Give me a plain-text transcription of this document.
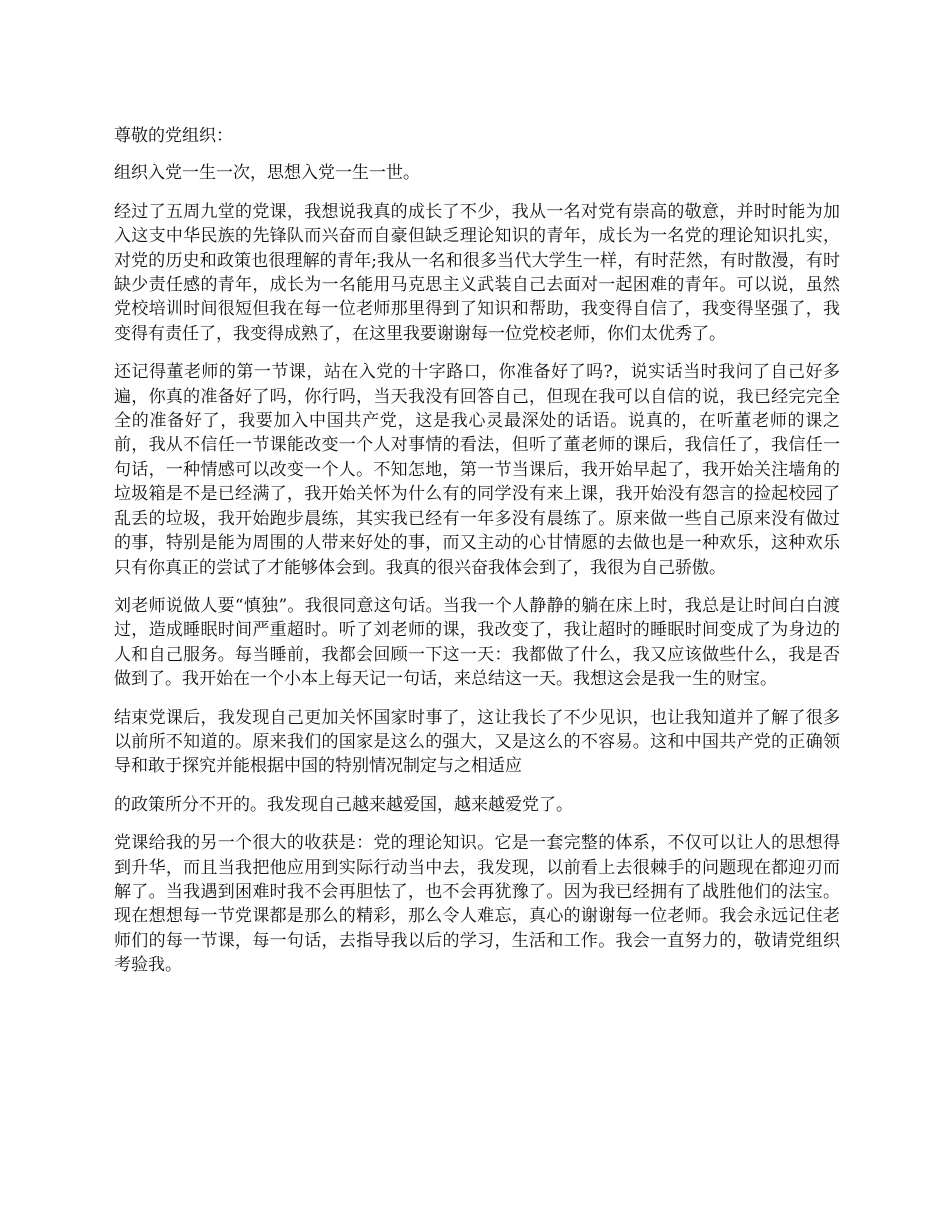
尊敬的党组织：

组织入党一生一次，思想入党一生一世。

经过了五周九堂的党课，我想说我真的成长了不少，我从一名对党有崇高的敬意，并时时能为加入这支中华民族的先锋队而兴奋而自豪但缺乏理论知识的青年，成长为一名党的理论知识扎实，对党的历史和政策也很理解的青年;我从一名和很多当代大学生一样，有时茫然，有时散漫，有时缺少责任感的青年，成长为一名能用马克思主义武装自己去面对一起困难的青年。可以说，虽然党校培训时间很短但我在每一位老师那里得到了知识和帮助，我变得自信了，我变得坚强了，我变得有责任了，我变得成熟了，在这里我要谢谢每一位党校老师，你们太优秀了。

还记得董老师的第一节课，站在入党的十字路口，你准备好了吗?，说实话当时我问了自己好多遍，你真的准备好了吗，你行吗，当天我没有回答自己，但现在我可以自信的说，我已经完完全全的准备好了，我要加入中国共产党，这是我心灵最深处的话语。说真的，在听董老师的课之前，我从不信任一节课能改变一个人对事情的看法，但听了董老师的课后，我信任了，我信任一句话，一种情感可以改变一个人。不知怎地，第一节当课后，我开始早起了，我开始关注墙角的垃圾箱是不是已经满了，我开始关怀为什么有的同学没有来上课，我开始没有怨言的捡起校园了乱丢的垃圾，我开始跑步晨练，其实我已经有一年多没有晨练了。原来做一些自己原来没有做过的事，特别是能为周围的人带来好处的事，而又主动的心甘情愿的去做也是一种欢乐，这种欢乐只有你真正的尝试了才能够体会到。我真的很兴奋我体会到了，我很为自己骄傲。

刘老师说做人要“慎独”。我很同意这句话。当我一个人静静的躺在床上时，我总是让时间白白渡过，造成睡眠时间严重超时。听了刘老师的课，我改变了，我让超时的睡眠时间变成了为身边的人和自己服务。每当睡前，我都会回顾一下这一天：我都做了什么，我又应该做些什么，我是否做到了。我开始在一个小本上每天记一句话，来总结这一天。我想这会是我一生的财宝。

结束党课后，我发现自己更加关怀国家时事了，这让我长了不少见识，也让我知道并了解了很多以前所不知道的。原来我们的国家是这么的强大，又是这么的不容易。这和中国共产党的正确领导和敢于探究并能根据中国的特别情况制定与之相适应

的政策所分不开的。我发现自己越来越爱国，越来越爱党了。

党课给我的另一个很大的收获是：党的理论知识。它是一套完整的体系，不仅可以让人的思想得到升华，而且当我把他应用到实际行动当中去，我发现，以前看上去很棘手的问题现在都迎刃而解了。当我遇到困难时我不会再胆怯了，也不会再犹豫了。因为我已经拥有了战胜他们的法宝。现在想想每一节党课都是那么的精彩，那么令人难忘，真心的谢谢每一位老师。我会永远记住老师们的每一节课，每一句话，去指导我以后的学习，生活和工作。我会一直努力的，敬请党组织考验我。
